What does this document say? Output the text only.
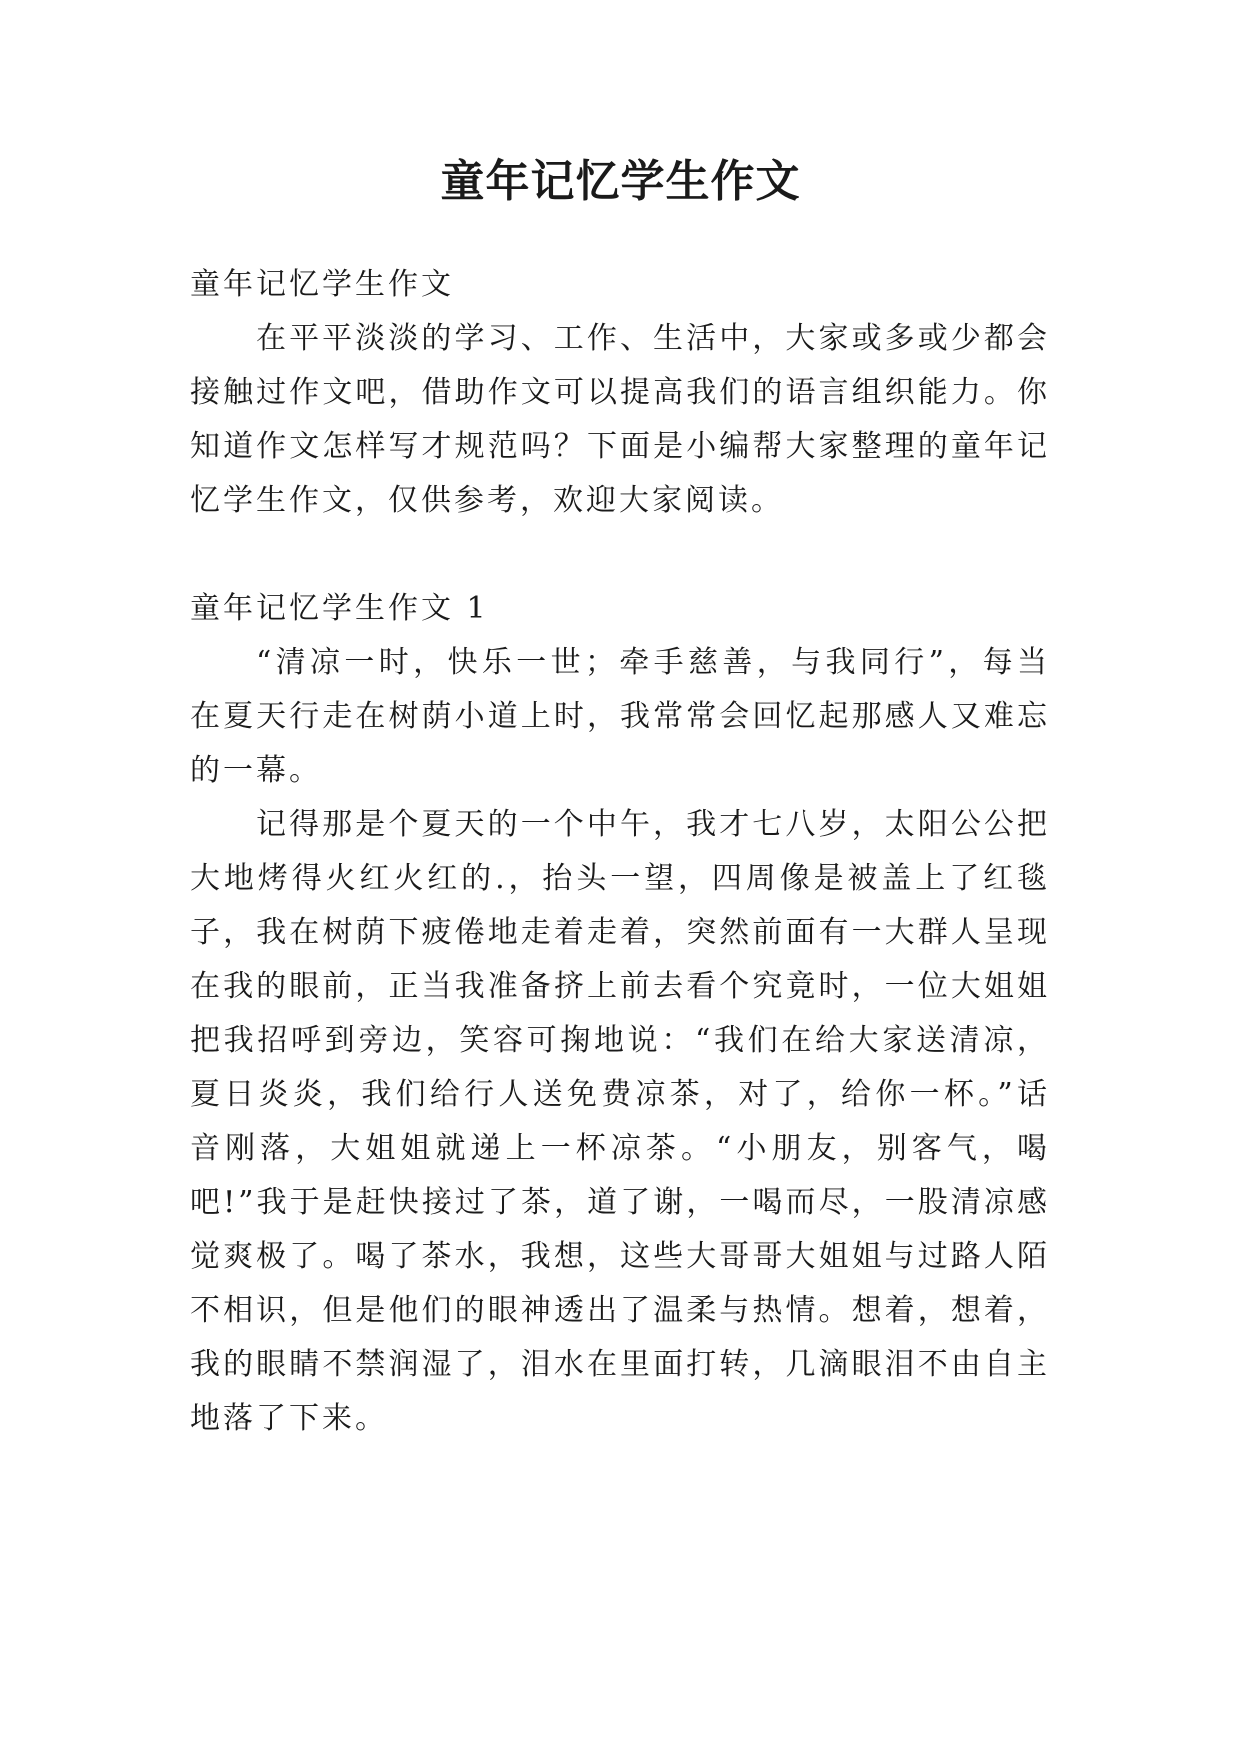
童年记忆学生作文
童年记忆学生作文

在平平淡淡的学习、工作、生活中，大家或多或少都会接触过作文吧，借助作文可以提高我们的语言组织能力。你知道作文怎样写才规范吗？下面是小编帮大家整理的童年记忆学生作文，仅供参考，欢迎大家阅读。

童年记忆学生作文 1

“清凉一时，快乐一世；牵手慈善，与我同行”，每当在夏天行走在树荫小道上时，我常常会回忆起那感人又难忘的一幕。

记得那是个夏天的一个中午，我才七八岁，太阳公公把大地烤得火红火红的.，抬头一望，四周像是被盖上了红毯子，我在树荫下疲倦地走着走着，突然前面有一大群人呈现在我的眼前，正当我准备挤上前去看个究竟时，一位大姐姐把我招呼到旁边，笑容可掬地说：“我们在给大家送清凉，夏日炎炎，我们给行人送免费凉茶，对了，给你一杯。”话音刚落，大姐姐就递上一杯凉茶。“小朋友，别客气，喝吧!”我于是赶快接过了茶，道了谢，一喝而尽，一股清凉感觉爽极了。喝了茶水，我想，这些大哥哥大姐姐与过路人陌不相识，但是他们的眼神透出了温柔与热情。想着，想着，我的眼睛不禁润湿了，泪水在里面打转，几滴眼泪不由自主地落了下来。
